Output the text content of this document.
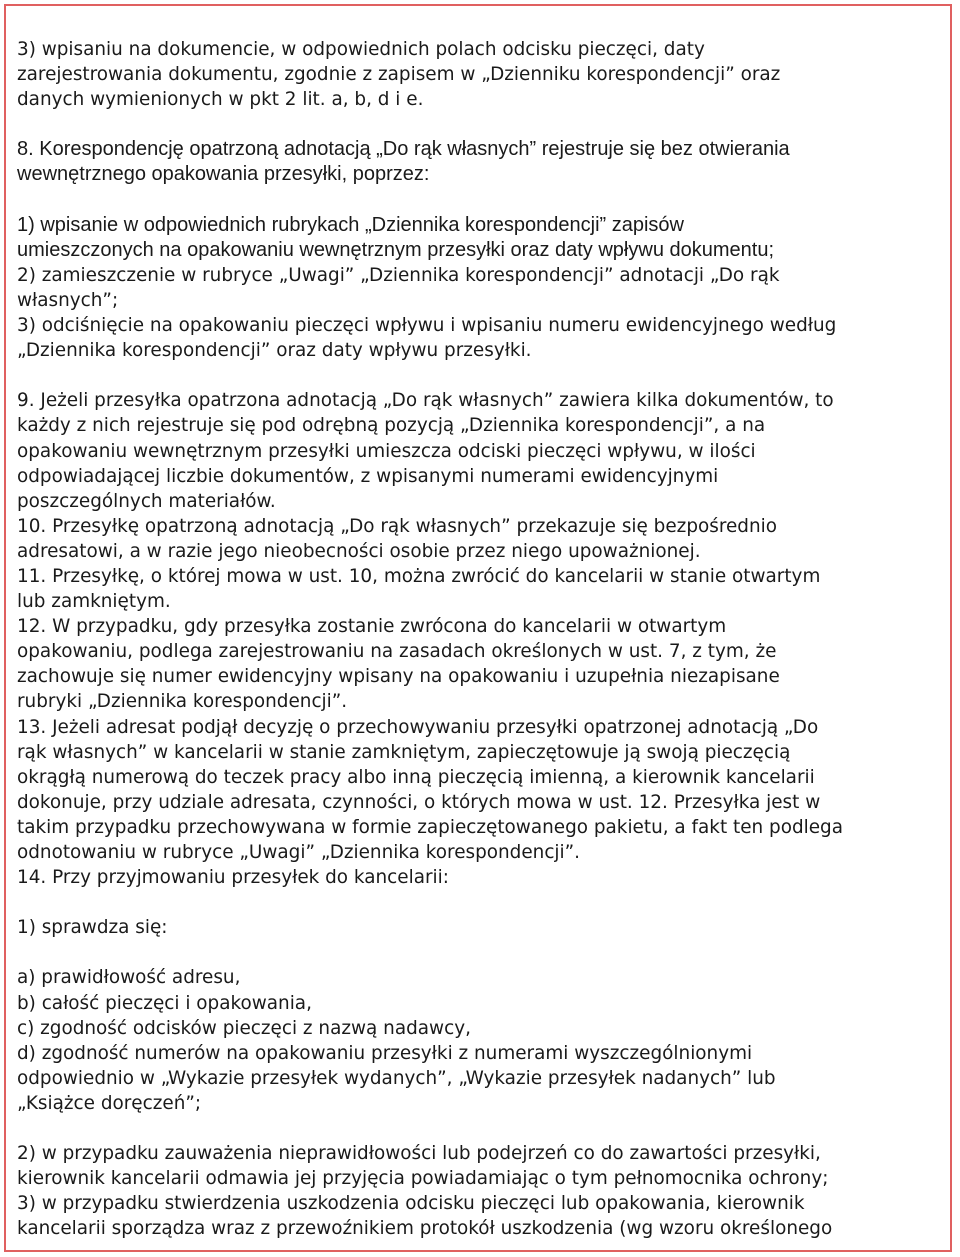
3) wpisaniu na dokumencie, w odpowiednich polach odcisku pieczęci, daty
zarejestrowania dokumentu, zgodnie z zapisem w „Dzienniku korespondencji” oraz
danych wymienionych w pkt 2 lit. a, b, d i e.
8. Korespondencję opatrzoną adnotacją „Do rąk własnych” rejestruje się bez otwierania
wewnętrznego opakowania przesyłki, poprzez:
1) wpisanie w odpowiednich rubrykach „Dziennika korespondencji” zapisów
umieszczonych na opakowaniu wewnętrznym przesyłki oraz daty wpływu dokumentu;
2) zamieszczenie w rubryce „Uwagi” „Dziennika korespondencji” adnotacji „Do rąk
własnych”;
3) odciśnięcie na opakowaniu pieczęci wpływu i wpisaniu numeru ewidencyjnego według
„Dziennika korespondencji” oraz daty wpływu przesyłki.
9. Jeżeli przesyłka opatrzona adnotacją „Do rąk własnych” zawiera kilka dokumentów, to
każdy z nich rejestruje się pod odrębną pozycją „Dziennika korespondencji”, a na
opakowaniu wewnętrznym przesyłki umieszcza odciski pieczęci wpływu, w ilości
odpowiadającej liczbie dokumentów, z wpisanymi numerami ewidencyjnymi
poszczególnych materiałów.
10. Przesyłkę opatrzoną adnotacją „Do rąk własnych” przekazuje się bezpośrednio
adresatowi, a w razie jego nieobecności osobie przez niego upoważnionej.
11. Przesyłkę, o której mowa w ust. 10, można zwrócić do kancelarii w stanie otwartym
lub zamkniętym.
12. W przypadku, gdy przesyłka zostanie zwrócona do kancelarii w otwartym
opakowaniu, podlega zarejestrowaniu na zasadach określonych w ust. 7, z tym, że
zachowuje się numer ewidencyjny wpisany na opakowaniu i uzupełnia niezapisane
rubryki „Dziennika korespondencji”.
13. Jeżeli adresat podjął decyzję o przechowywaniu przesyłki opatrzonej adnotacją „Do
rąk własnych” w kancelarii w stanie zamkniętym, zapieczętowuje ją swoją pieczęcią
okrągłą numerową do teczek pracy albo inną pieczęcią imienną, a kierownik kancelarii
dokonuje, przy udziale adresata, czynności, o których mowa w ust. 12. Przesyłka jest w
takim przypadku przechowywana w formie zapieczętowanego pakietu, a fakt ten podlega
odnotowaniu w rubryce „Uwagi” „Dziennika korespondencji”.
14. Przy przyjmowaniu przesyłek do kancelarii:
1) sprawdza się:
a) prawidłowość adresu,
b) całość pieczęci i opakowania,
c) zgodność odcisków pieczęci z nazwą nadawcy,
d) zgodność numerów na opakowaniu przesyłki z numerami wyszczególnionymi
odpowiednio w „Wykazie przesyłek wydanych”, „Wykazie przesyłek nadanych” lub
„Książce doręczeń”;
2) w przypadku zauważenia nieprawidłowości lub podejrzeń co do zawartości przesyłki,
kierownik kancelarii odmawia jej przyjęcia powiadamiając o tym pełnomocnika ochrony;
3) w przypadku stwierdzenia uszkodzenia odcisku pieczęci lub opakowania, kierownik
kancelarii sporządza wraz z przewoźnikiem protokół uszkodzenia (wg wzoru określonego
